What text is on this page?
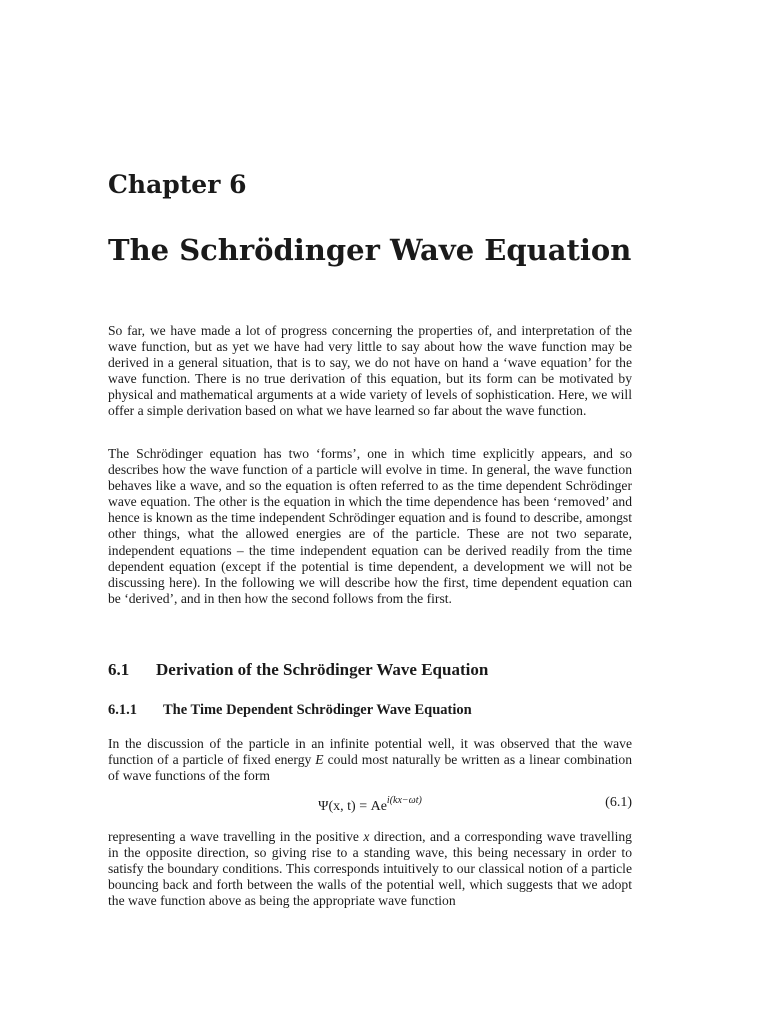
Chapter 6
The Schrödinger Wave Equation

So far, we have made a lot of progress concerning the properties of, and interpretation of the wave function, but as yet we have had very little to say about how the wave function may be derived in a general situation, that is to say, we do not have on hand a ‘wave equation’ for the wave function. There is no true derivation of this equation, but its form can be motivated by physical and mathematical arguments at a wide variety of levels of sophistication. Here, we will offer a simple derivation based on what we have learned so far about the wave function.

The Schrödinger equation has two ‘forms’, one in which time explicitly appears, and so describes how the wave function of a particle will evolve in time. In general, the wave function behaves like a wave, and so the equation is often referred to as the time dependent Schrödinger wave equation. The other is the equation in which the time dependence has been ‘removed’ and hence is known as the time independent Schrödinger equation and is found to describe, amongst other things, what the allowed energies are of the particle. These are not two separate, independent equations – the time independent equation can be derived readily from the time dependent equation (except if the potential is time dependent, a development we will not be discussing here). In the following we will describe how the first, time dependent equation can be ‘derived’, and in then how the second follows from the first.

6.1 Derivation of the Schrödinger Wave Equation
6.1.1 The Time Dependent Schrödinger Wave Equation

In the discussion of the particle in an infinite potential well, it was observed that the wave function of a particle of fixed energy E could most naturally be written as a linear combination of wave functions of the form

Ψ(x, $t) = Ae^{i(kx-\omega t)}$	(6.1)

representing a wave travelling in the positive x direction, and a corresponding wave travelling in the opposite direction, so giving rise to a standing wave, this being necessary in order to satisfy the boundary conditions. This corresponds intuitively to our classical notion of a particle bouncing back and forth between the walls of the potential well, which suggests that we adopt the wave function above as being the appropriate wave function
